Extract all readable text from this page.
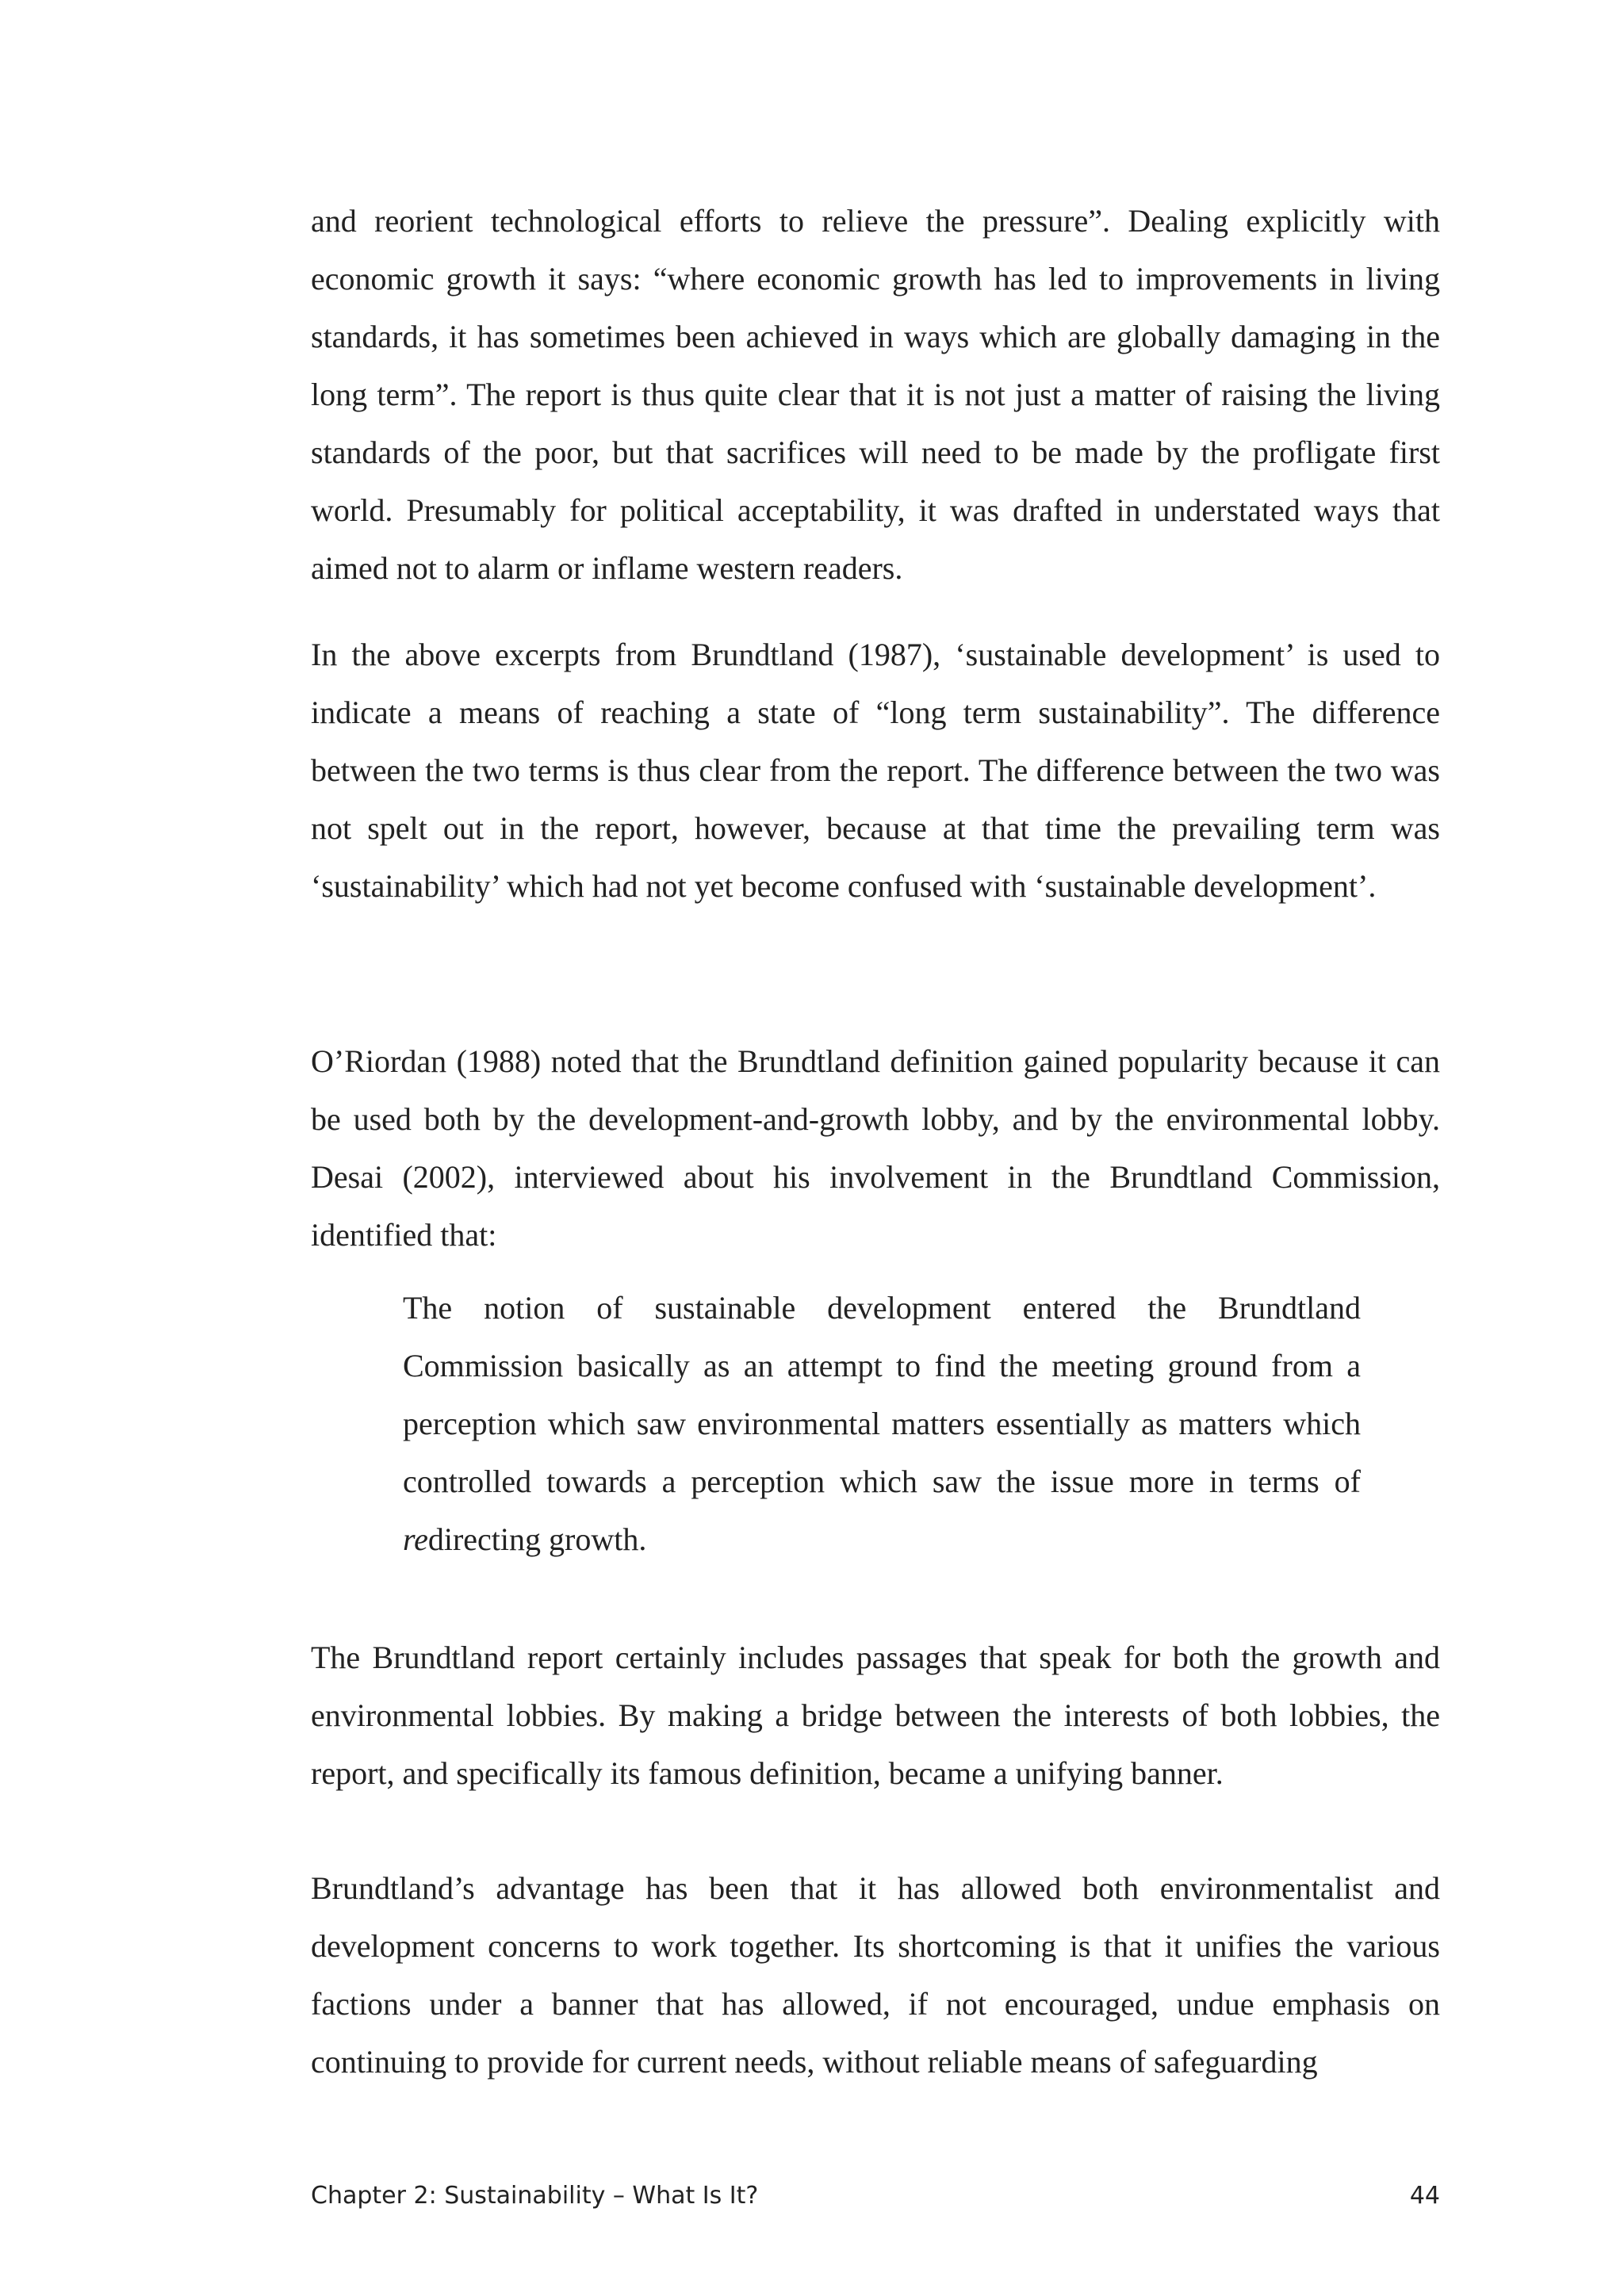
and reorient technological efforts to relieve the pressure”. Dealing explicitly with economic growth it says: “where economic growth has led to improvements in living standards, it has sometimes been achieved in ways which are globally damaging in the long term”. The report is thus quite clear that it is not just a matter of raising the living standards of the poor, but that sacrifices will need to be made by the profligate first world. Presumably for political acceptability, it was drafted in understated ways that aimed not to alarm or inflame western readers.

In the above excerpts from Brundtland (1987), ‘sustainable development’ is used to indicate a means of reaching a state of “long term sustainability”. The difference between the two terms is thus clear from the report. The difference between the two was not spelt out in the report, however, because at that time the prevailing term was ‘sustainability’ which had not yet become confused with ‘sustainable development’.

O’Riordan (1988) noted that the Brundtland definition gained popularity because it can be used both by the development-and-growth lobby, and by the environmental lobby. Desai (2002), interviewed about his involvement in the Brundtland Commission, identified that:

The notion of sustainable development entered the Brundtland Commission basically as an attempt to find the meeting ground from a perception which saw environmental matters essentially as matters which controlled towards a perception which saw the issue more in terms of redirecting growth.

The Brundtland report certainly includes passages that speak for both the growth and environmental lobbies. By making a bridge between the interests of both lobbies, the report, and specifically its famous definition, became a unifying banner.

Brundtland’s advantage has been that it has allowed both environmentalist and development concerns to work together. Its shortcoming is that it unifies the various factions under a banner that has allowed, if not encouraged, undue emphasis on continuing to provide for current needs, without reliable means of safeguarding

Chapter 2: Sustainability – What Is It?	44
